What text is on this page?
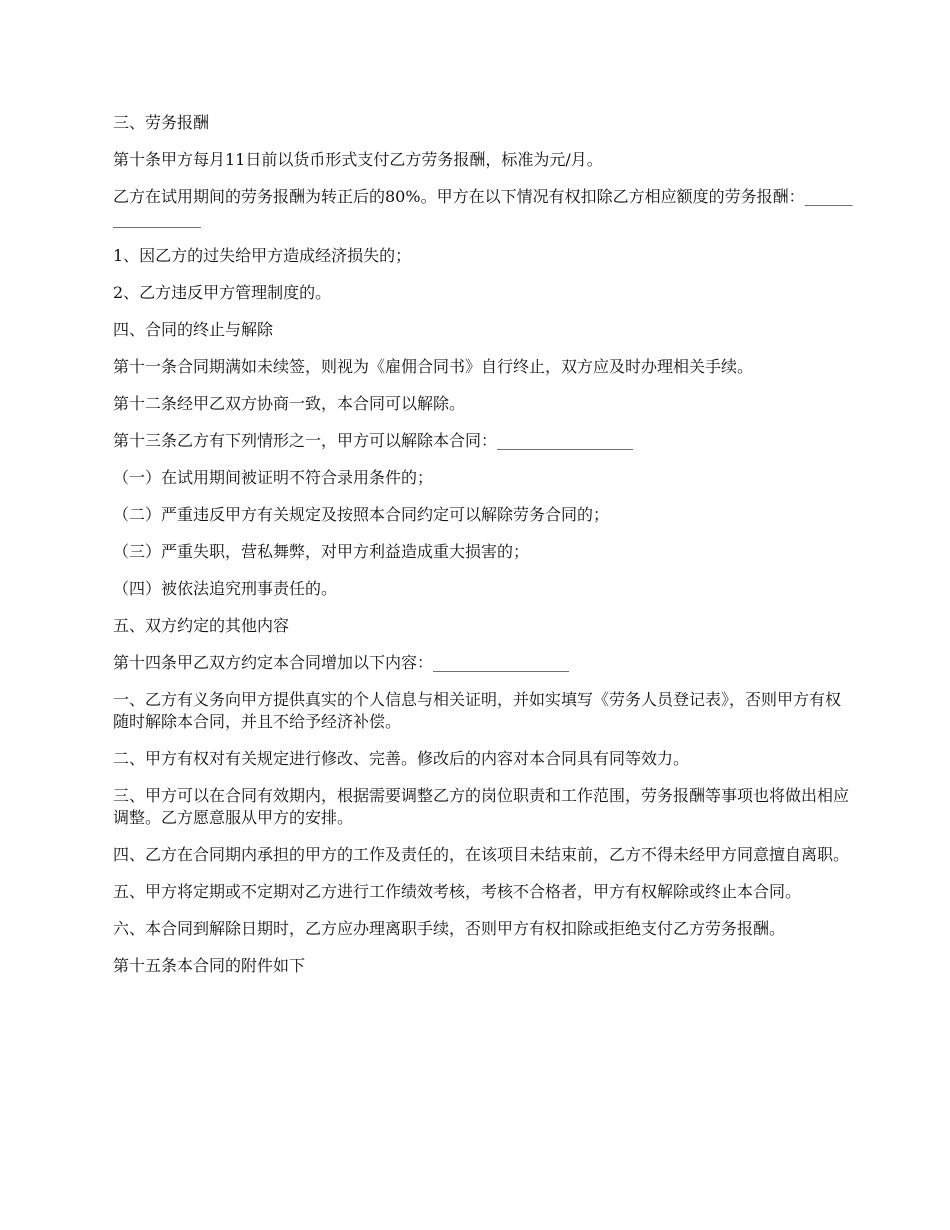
三、劳务报酬

第十条甲方每月11日前以货币形式支付乙方劳务报酬，标准为元/月。

乙方在试用期间的劳务报酬为转正后的80%。甲方在以下情况有权扣除乙方相应额度的劳务报酬：_________________

1、因乙方的过失给甲方造成经济损失的；

2、乙方违反甲方管理制度的。

四、合同的终止与解除

第十一条合同期满如未续签，则视为《雇佣合同书》自行终止，双方应及时办理相关手续。

第十二条经甲乙双方协商一致，本合同可以解除。

第十三条乙方有下列情形之一，甲方可以解除本合同：_________________

（一）在试用期间被证明不符合录用条件的；

（二）严重违反甲方有关规定及按照本合同约定可以解除劳务合同的；

（三）严重失职，营私舞弊，对甲方利益造成重大损害的；

（四）被依法追究刑事责任的。

五、双方约定的其他内容

第十四条甲乙双方约定本合同增加以下内容：_________________

一、乙方有义务向甲方提供真实的个人信息与相关证明，并如实填写《劳务人员登记表》，否则甲方有权随时解除本合同，并且不给予经济补偿。

二、甲方有权对有关规定进行修改、完善。修改后的内容对本合同具有同等效力。

三、甲方可以在合同有效期内，根据需要调整乙方的岗位职责和工作范围，劳务报酬等事项也将做出相应调整。乙方愿意服从甲方的安排。

四、乙方在合同期内承担的甲方的工作及责任的，在该项目未结束前，乙方不得未经甲方同意擅自离职。

五、甲方将定期或不定期对乙方进行工作绩效考核，考核不合格者，甲方有权解除或终止本合同。

六、本合同到解除日期时，乙方应办理离职手续，否则甲方有权扣除或拒绝支付乙方劳务报酬。

第十五条本合同的附件如下
